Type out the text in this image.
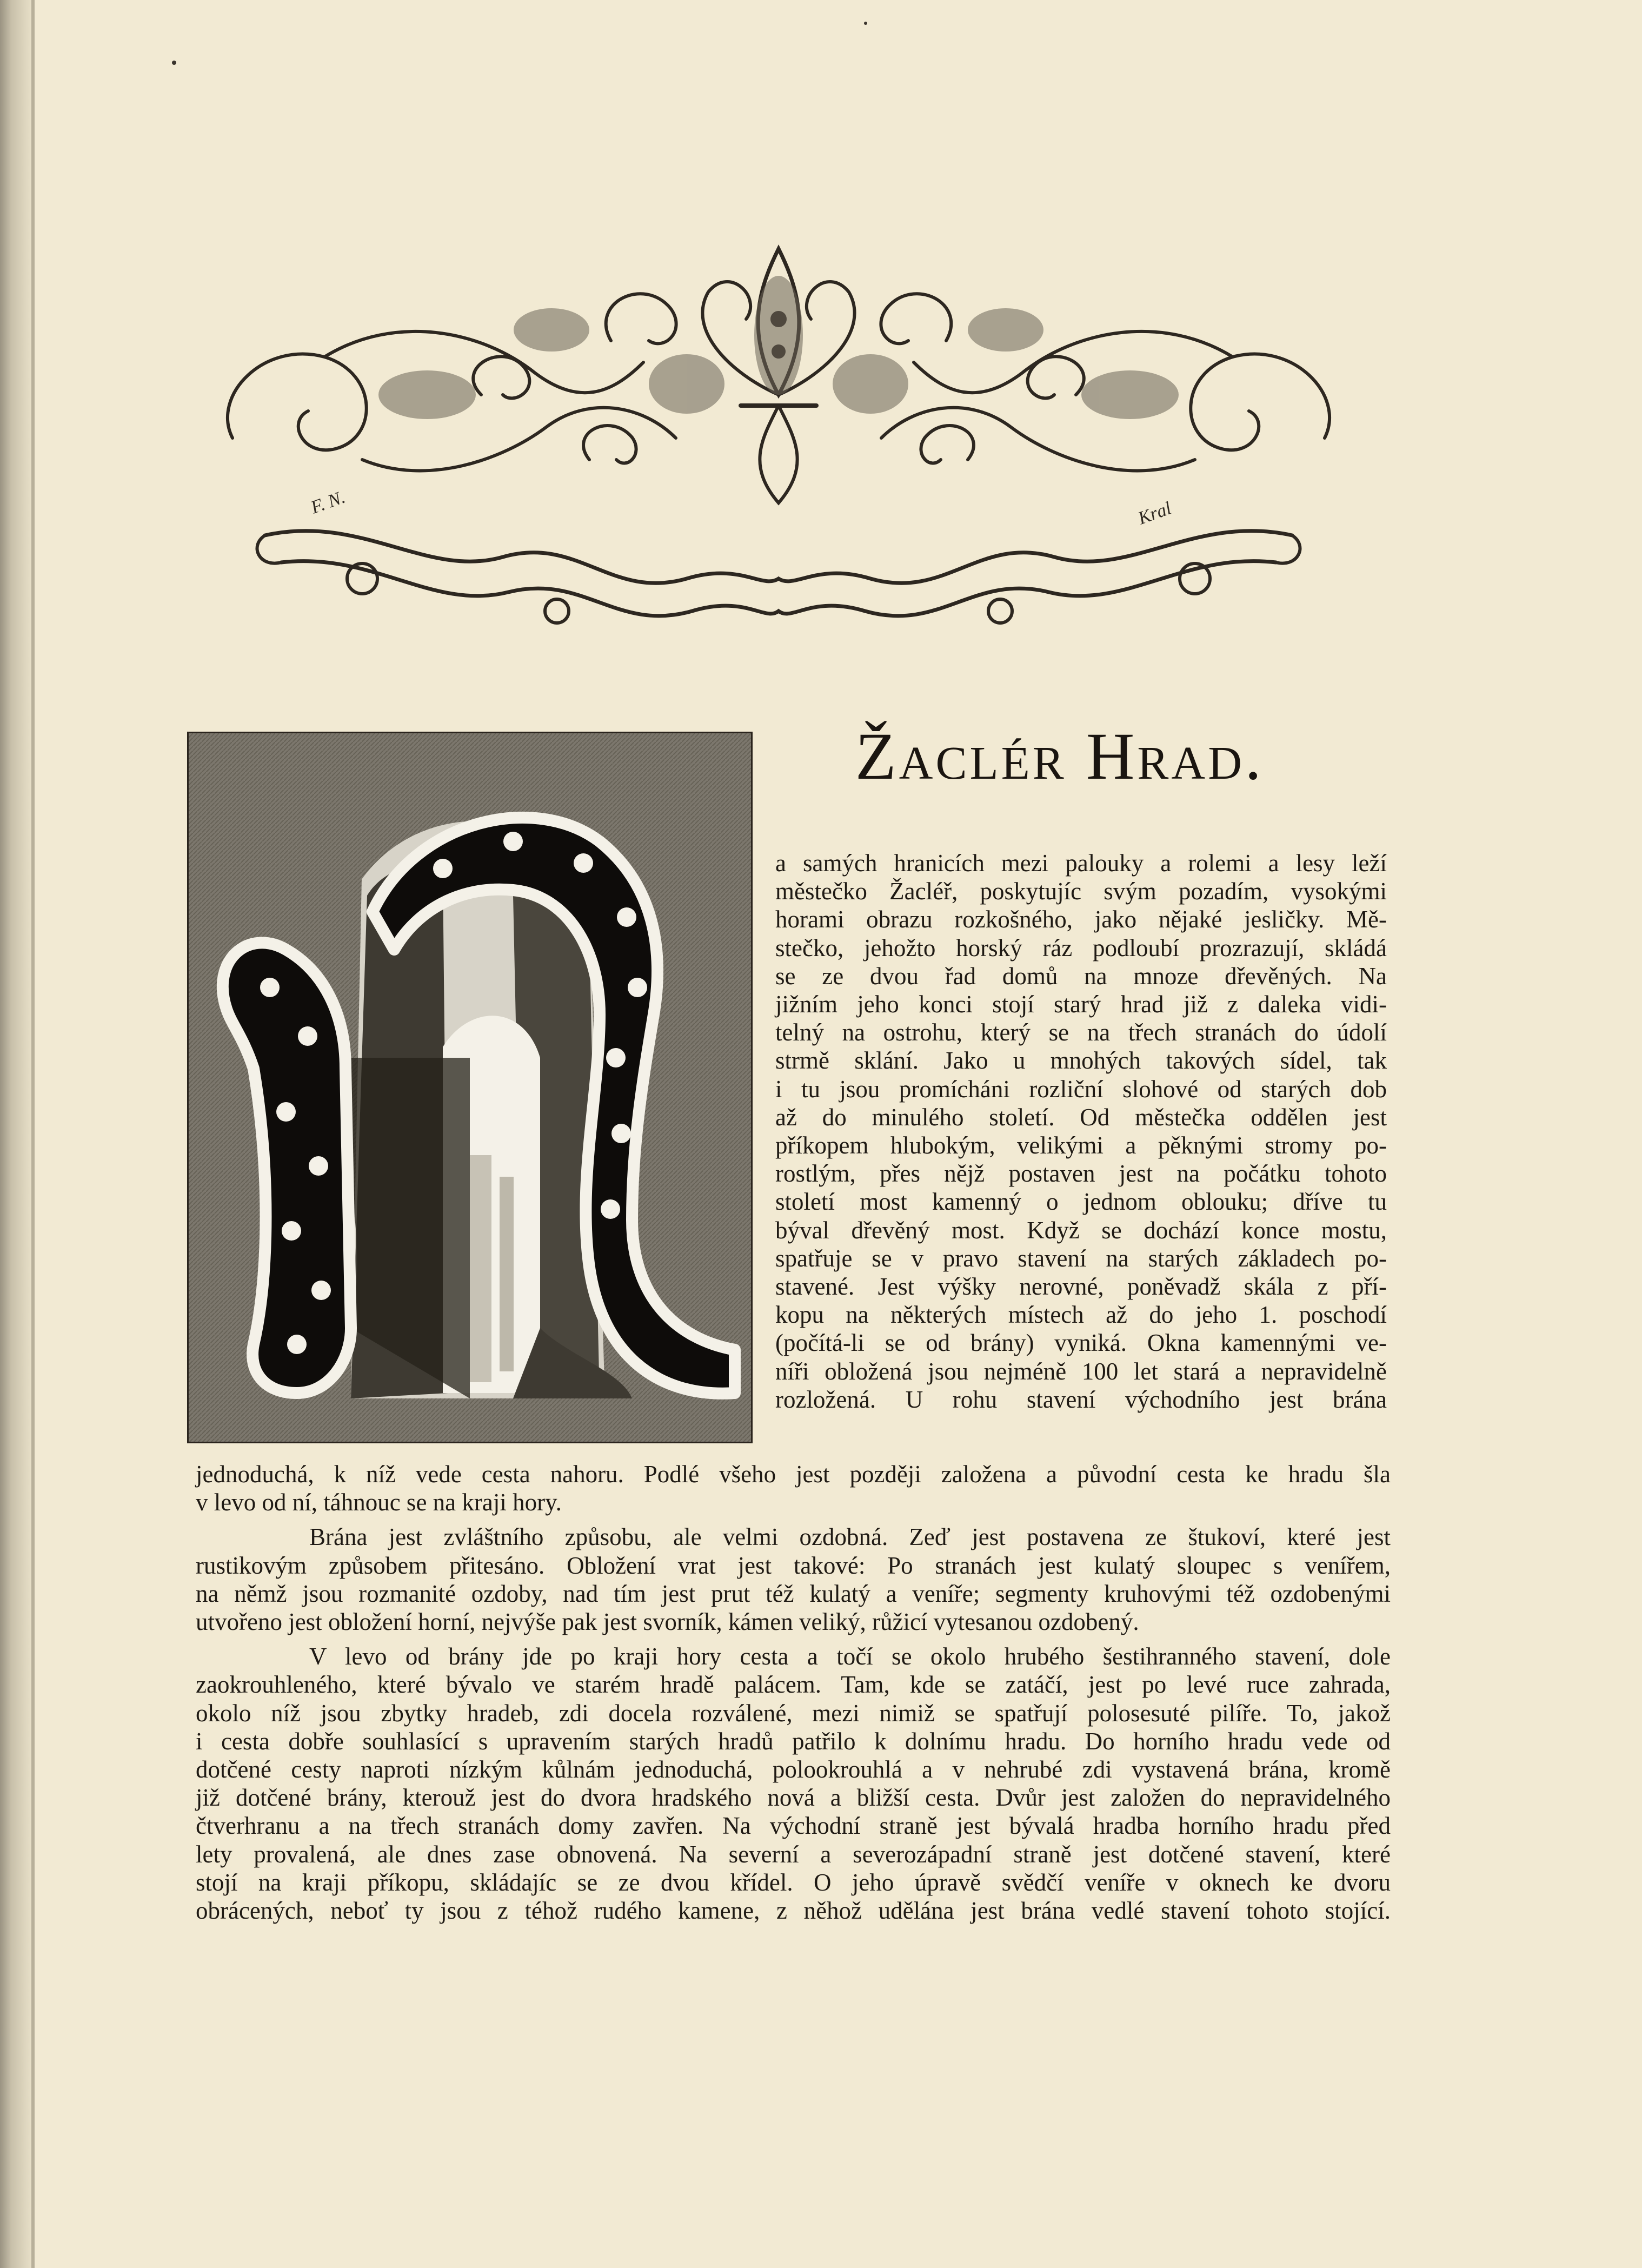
F. N.	Kral
Žaclér Hrad.
a samých hranicích mezi palouky a rolemi a lesy leží
městečko Žacléř, poskytujíc svým pozadím, vysokými
horami obrazu rozkošného, jako nějaké jesličky. Mě-
stečko, jehožto horský ráz podloubí prozrazují, skládá
se ze dvou řad domů na mnoze dřevěných. Na
jižním jeho konci stojí starý hrad již z daleka vidi-
telný na ostrohu, který se na třech stranách do údolí
strmě sklání. Jako u mnohých takových sídel, tak
i tu jsou promícháni rozliční slohové od starých dob
až do minulého století. Od městečka oddělen jest
příkopem hlubokým, velikými a pěknými stromy po-
rostlým, přes nějž postaven jest na počátku tohoto
století most kamenný o jednom oblouku; dříve tu
býval dřevěný most. Když se dochází konce mostu,
spatřuje se v pravo stavení na starých základech po-
stavené. Jest výšky nerovné, poněvadž skála z pří-
kopu na některých místech až do jeho 1. poschodí
(počítá-li se od brány) vyniká. Okna kamennými ve-
níři obložená jsou nejméně 100 let stará a nepravidelně
rozložená. U rohu stavení východního jest brána
jednoduchá, k níž vede cesta nahoru. Podlé všeho jest později založena a původní cesta ke hradu šla
v levo od ní, táhnouc se na kraji hory.
Brána jest zvláštního způsobu, ale velmi ozdobná. Zeď jest postavena ze štukoví, které jest
rustikovým způsobem přitesáno. Obložení vrat jest takové: Po stranách jest kulatý sloupec s venířem,
na němž jsou rozmanité ozdoby, nad tím jest prut též kulatý a veníře; segmenty kruhovými též ozdobenými
utvořeno jest obložení horní, nejvýše pak jest svorník, kámen veliký, růžicí vytesanou ozdobený.
V levo od brány jde po kraji hory cesta a točí se okolo hrubého šestihranného stavení, dole
zaokrouhleného, které bývalo ve starém hradě palácem. Tam, kde se zatáčí, jest po levé ruce zahrada,
okolo níž jsou zbytky hradeb, zdi docela rozválené, mezi nimiž se spatřují polosesuté pilíře. To, jakož
i cesta dobře souhlasící s upravením starých hradů patřilo k dolnímu hradu. Do horního hradu vede od
dotčené cesty naproti nízkým kůlnám jednoduchá, polookrouhlá a v nehrubé zdi vystavená brána, kromě
již dotčené brány, kterouž jest do dvora hradského nová a bližší cesta. Dvůr jest založen do nepravidelného
čtverhranu a na třech stranách domy zavřen. Na východní straně jest bývalá hradba horního hradu před
lety provalená, ale dnes zase obnovená. Na severní a severozápadní straně jest dotčené stavení, které
stojí na kraji příkopu, skládajíc se ze dvou křídel. O jeho úpravě svědčí veníře v oknech ke dvoru
obrácených, neboť ty jsou z téhož rudého kamene, z něhož udělána jest brána vedlé stavení tohoto stojící.
